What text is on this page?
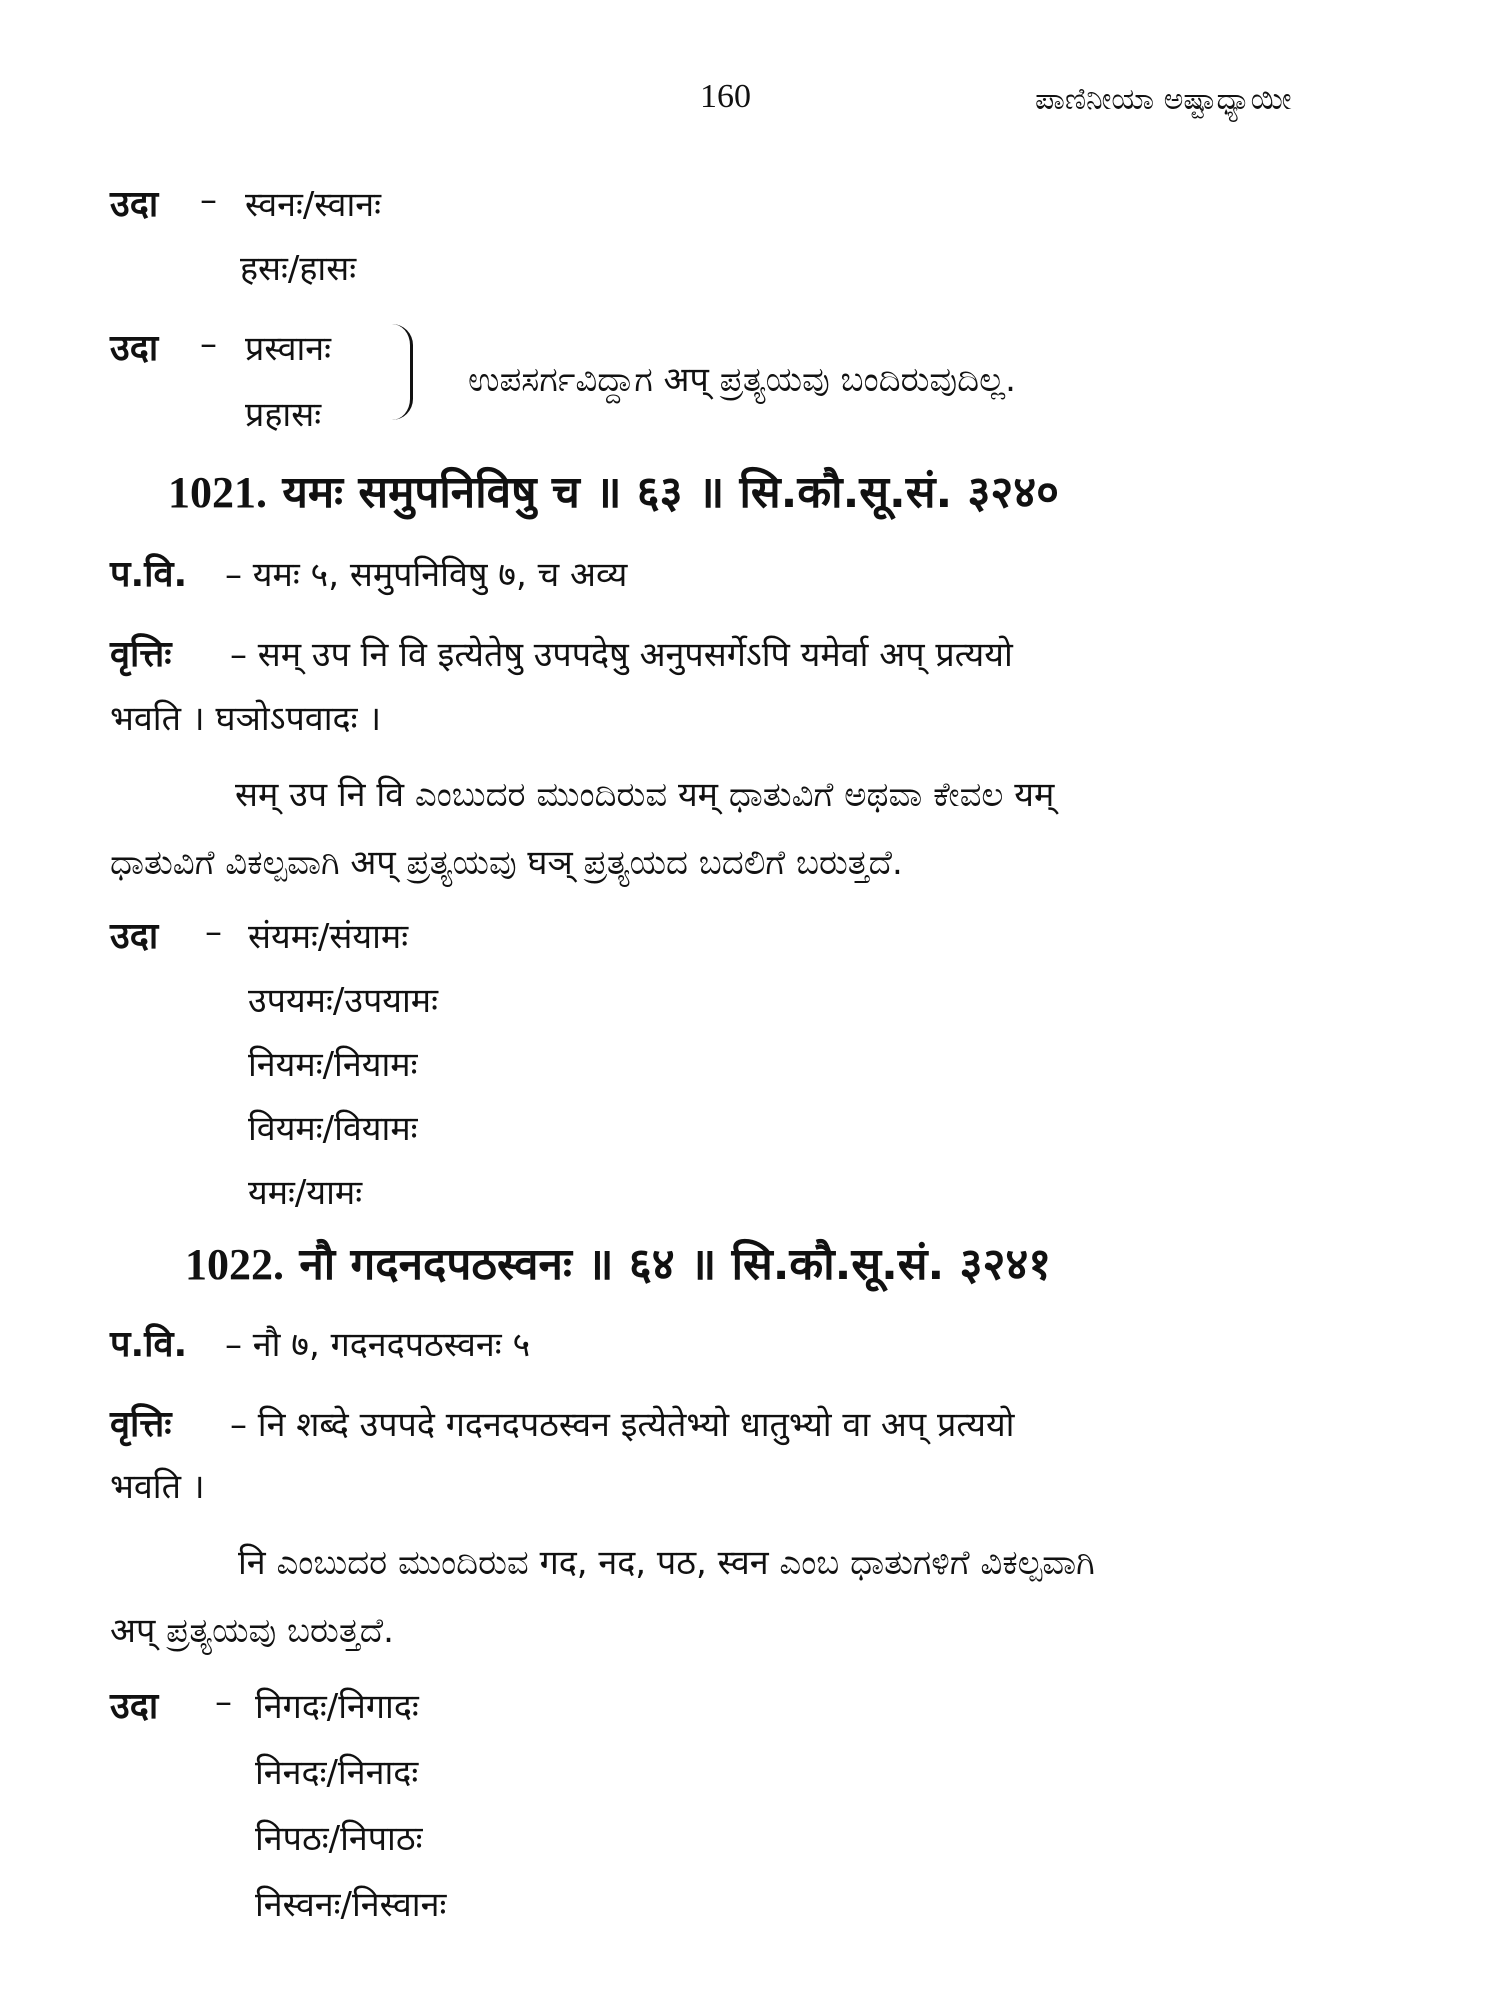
160	ಪಾಣಿನೀಯಾ ಅಷ್ಟಾಧ್ಯಾಯೀ
उदा – स्वनः/स्वानः
हसः/हासः
उदा – प्रस्वानः
प्रहासः
ಉಪಸರ್ಗವಿದ್ದಾಗ अप् ಪ್ರತ್ಯಯವು ಬಂದಿರುವುದಿಲ್ಲ.
1021. यमः समुपनिविषु च ॥ ६३ ॥ सि.कौ.सू.सं. ३२४०
प.वि. – यमः ५, समुपनिविषु ७, च अव्य
वृत्तिः – सम् उप नि वि इत्येतेषु उपपदेषु अनुपसर्गेऽपि यमेर्वा अप् प्रत्ययो
भवति । घञोऽपवादः ।
सम् उप नि वि ಎಂಬುದರ ಮುಂದಿರುವ यम् ಧಾತುವಿಗೆ ಅಥವಾ ಕೇವಲ यम्
ಧಾತುವಿಗೆ ವಿಕಲ್ಪವಾಗಿ अप् ಪ್ರತ್ಯಯವು घञ् ಪ್ರತ್ಯಯದ ಬದಲಿಗೆ ಬರುತ್ತದೆ.
उदा – संयमः/संयामः
उपयमः/उपयामः
नियमः/नियामः
वियमः/वियामः
यमः/यामः
1022. नौ गदनदपठस्वनः ॥ ६४ ॥ सि.कौ.सू.सं. ३२४१
प.वि. – नौ ७, गदनदपठस्वनः ५
वृत्तिः – नि शब्दे उपपदे गदनदपठस्वन इत्येतेभ्यो धातुभ्यो वा अप् प्रत्ययो
भवति ।
नि ಎಂಬುದರ ಮುಂದಿರುವ गद, नद, पठ, स्वन ಎಂಬ ಧಾತುಗಳಿಗೆ ವಿಕಲ್ಪವಾಗಿ
अप् ಪ್ರತ್ಯಯವು ಬರುತ್ತದೆ.
उदा – निगदः/निगादः
निनदः/निनादः
निपठः/निपाठः
निस्वनः/निस्वानः
